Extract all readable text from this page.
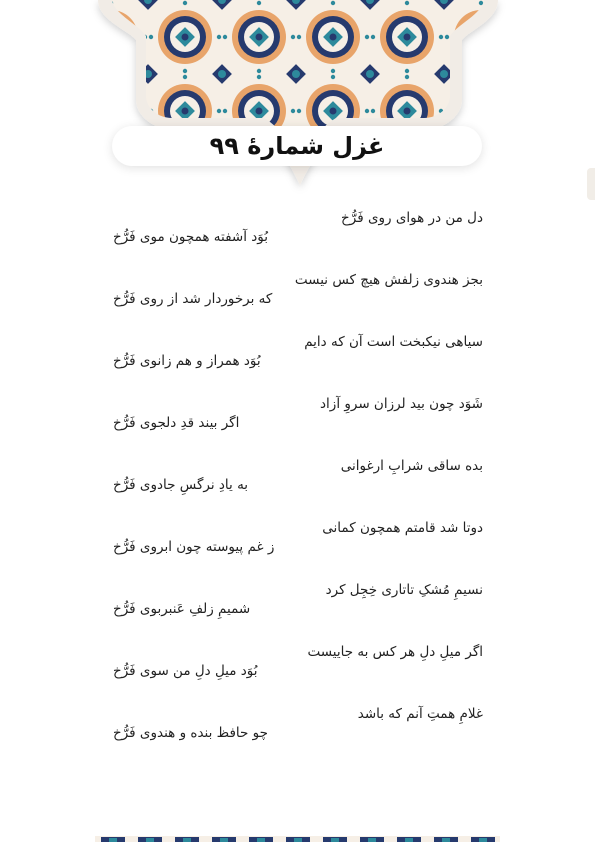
غزل شمارهٔ ۹۹
دل من در هوای روی فَرُّخ
بُوَد آشفته همچون موی فَرُّخ
بجز هندوی زلفش هیچ کس نیست
که برخوردار شد از روی فَرُّخ
سیاهی نیکبخت است آن که دایم
بُوَد همراز و هم زانوی فَرُّخ
شَوَد چون بید لرزان سروِ آزاد
اگر بیند قدِ دلجوی فَرُّخ
بده ساقی شرابِ ارغوانی
به یادِ نرگسِ جادوی فَرُّخ
دوتا شد قامتم همچون کمانی
ز غم پیوسته چون ابروی فَرُّخ
نسیمِ مُشکِ تاتاری خِجِل کرد
شمیمِ زلفِ عَنبربوی فَرُّخ
اگر میلِ دلِ هر کس به جاییست
بُوَد میلِ دلِ من سوی فَرُّخ
غلامِ همتِ آنم که باشد
چو حافظ بنده و هندوی فَرُّخ
